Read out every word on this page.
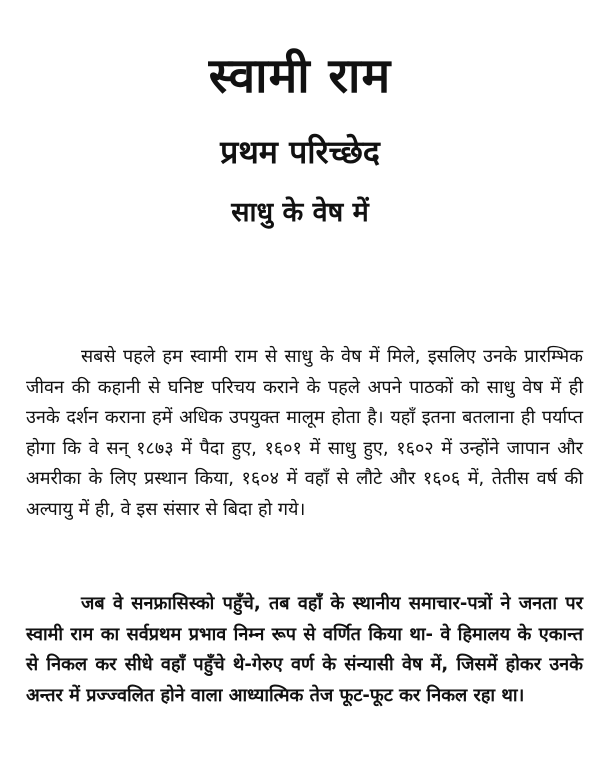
स्वामी राम
प्रथम परिच्छेद
साधु के वेष में
सबसे पहले हम स्वामी राम से साधु के वेष में मिले, इसलिए उनके प्रारम्भिक जीवन की कहानी से घनिष्ट परिचय कराने के पहले अपने पाठकों को साधु वेष में ही उनके दर्शन कराना हमें अधिक उपयुक्त मालूम होता है। यहाँ इतना बतलाना ही पर्याप्त होगा कि वे सन् १८७३ में पैदा हुए, १६०१ में साधु हुए, १६०२ में उन्होंने जापान और अमरीका के लिए प्रस्थान किया, १६०४ में वहाँ से लौटे और १६०६ में, तेतीस वर्ष की अल्पायु में ही, वे इस संसार से बिदा हो गये।
जब वे सनफ्रासिस्को पहुँचे, तब वहाँ के स्थानीय समाचार-पत्रों ने जनता पर स्वामी राम का सर्वप्रथम प्रभाव निम्न रूप से वर्णित किया था- वे हिमालय के एकान्त से निकल कर सीधे वहाँ पहुँचे थे-गेरुए वर्ण के संन्यासी वेष में, जिसमें होकर उनके अन्तर में प्रज्ज्वलित होने वाला आध्यात्मिक तेज फूट-फूट कर निकल रहा था।
